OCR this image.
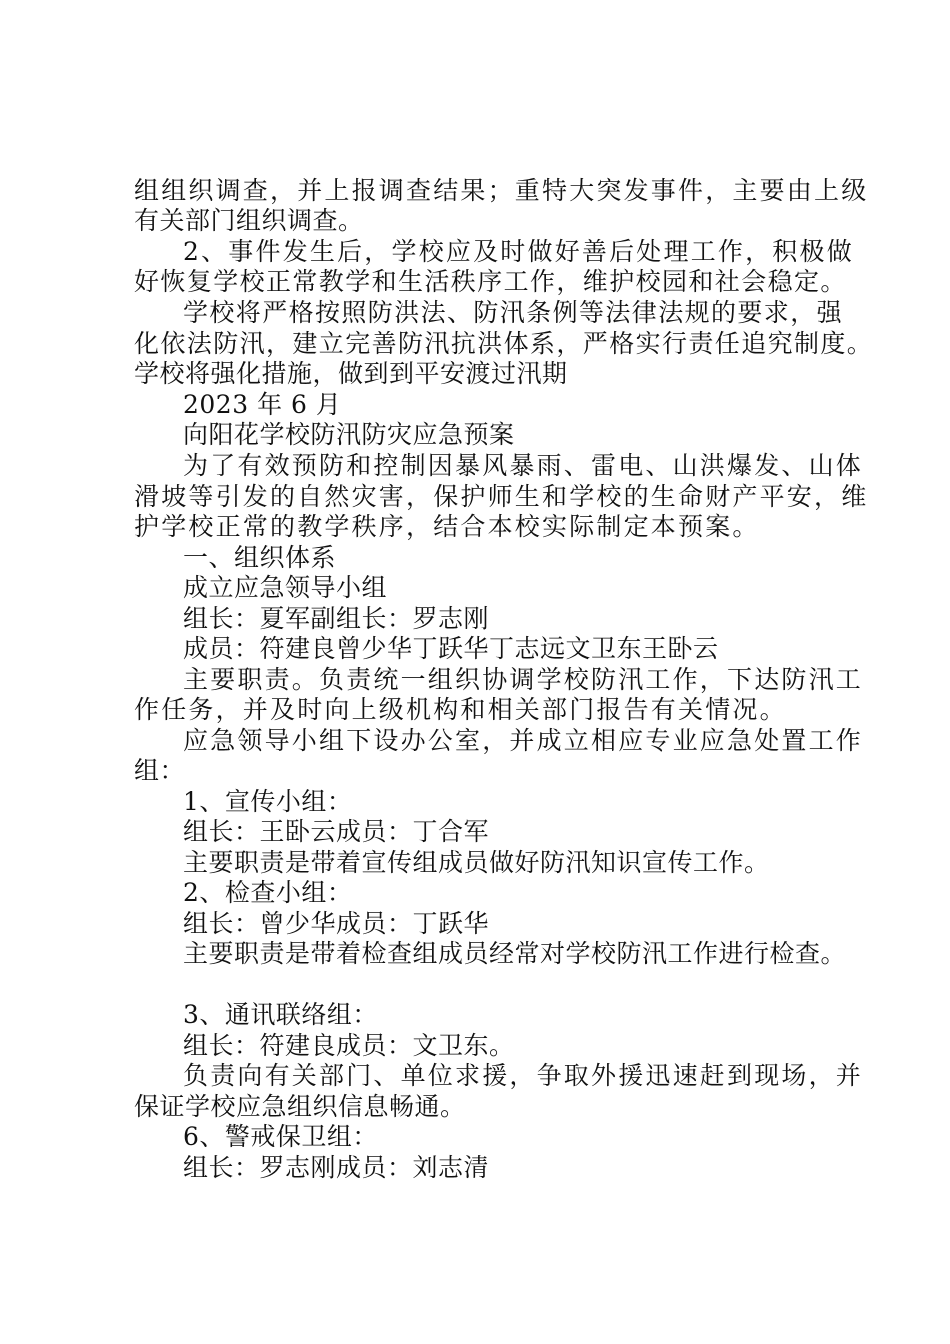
组组织调查，并上报调查结果；重特大突发事件，主要由上级
有关部门组织调查。
2、事件发生后，学校应及时做好善后处理工作，积极做
好恢复学校正常教学和生活秩序工作，维护校园和社会稳定。
学校将严格按照防洪法、防汛条例等法律法规的要求，强
化依法防汛，建立完善防汛抗洪体系，严格实行责任追究制度。
学校将强化措施，做到到平安渡过汛期
2023 年 6 月
向阳花学校防汛防灾应急预案
为了有效预防和控制因暴风暴雨、雷电、山洪爆发、山体
滑坡等引发的自然灾害，保护师生和学校的生命财产平安，维
护学校正常的教学秩序，结合本校实际制定本预案。
一、组织体系
成立应急领导小组
组长：夏军副组长：罗志刚
成员：符建良曾少华丁跃华丁志远文卫东王卧云
主要职责。负责统一组织协调学校防汛工作，下达防汛工
作任务，并及时向上级机构和相关部门报告有关情况。
应急领导小组下设办公室，并成立相应专业应急处置工作
组：
1、宣传小组：
组长：王卧云成员：丁合军
主要职责是带着宣传组成员做好防汛知识宣传工作。
2、检查小组：
组长：曾少华成员：丁跃华
主要职责是带着检查组成员经常对学校防汛工作进行检查。
3、通讯联络组：
组长：符建良成员：文卫东。
负责向有关部门、单位求援，争取外援迅速赶到现场，并
保证学校应急组织信息畅通。
6、警戒保卫组：
组长：罗志刚成员：刘志清
